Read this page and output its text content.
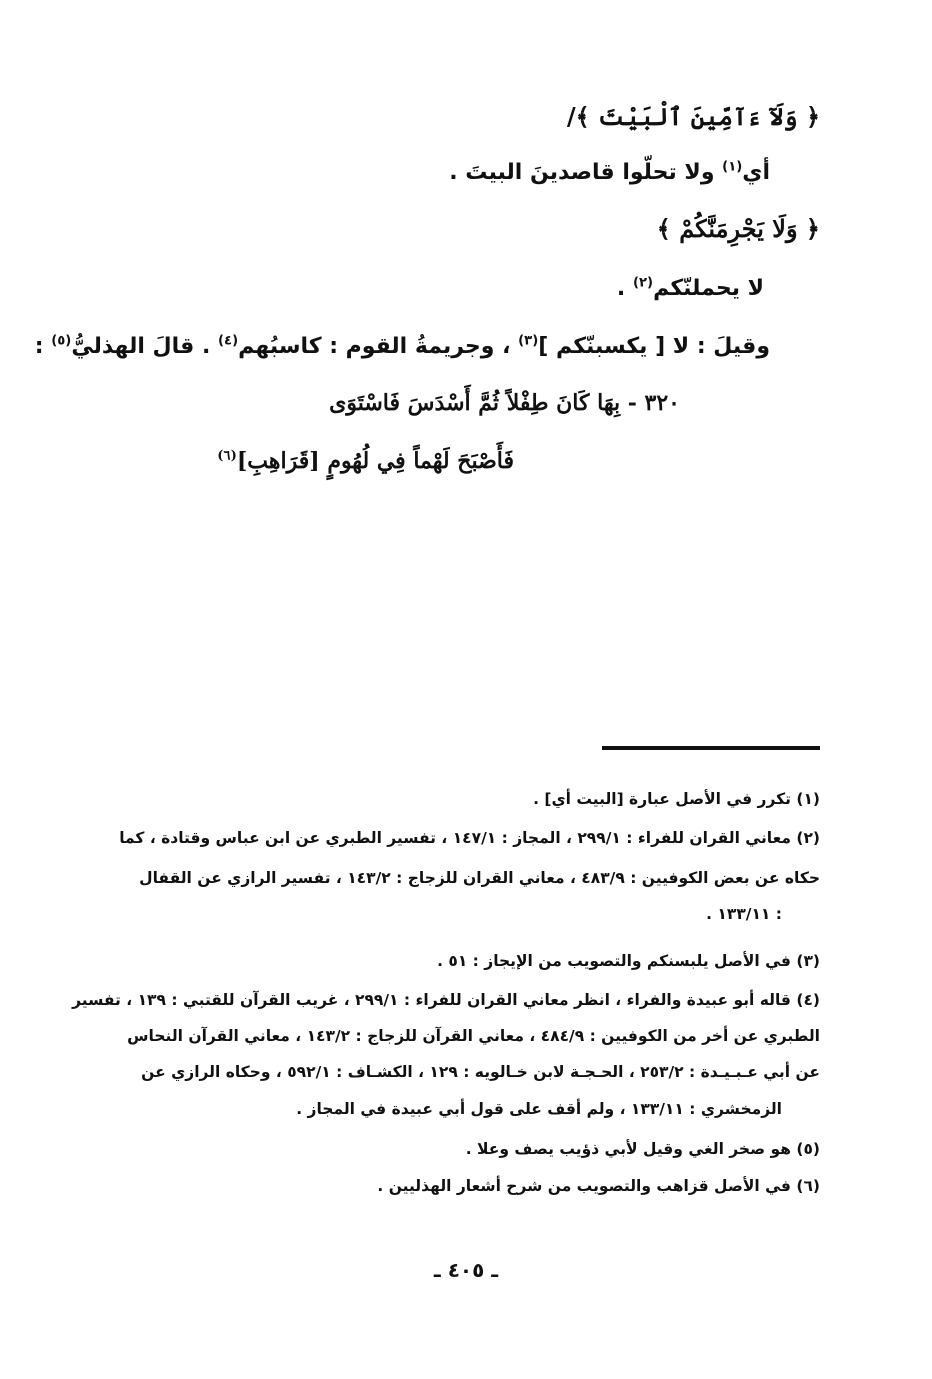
﴿ وَلَآ ءَآمِّينَ ٱلْبَيْتَ ﴾/
أي$^{(١)}$ ولا تحلّوا قاصدينَ البيتَ .
﴿ وَلَا يَجْرِمَنَّكُمْ ﴾
لا يحملنّكم$^{(٢)}$ .
وقيلَ : لا [ يكسبنّكم ]$^{(٣)}$ ، وجريمةُ القوم : كاسبُهم$^{(٤)}$ . قالَ الهذليُّ$^{(٥)}$ :
٣٢٠ - بِهَا كَانَ طِفْلاً ثُمَّ أَسْدَسَ فَاسْتَوَى
فَأَصْبَحَ لَهْماً فِي لُهُومٍ [قَرَاهِبِ]$^{(٦)}$
(١) تكرر في الأصل عبارة [البيت أي] .
(٢) معاني القران للفراء : ٢٩٩/١ ، المجاز : ١٤٧/١ ، تفسير الطبري عن ابن عباس وقتادة ، كما
حكاه عن بعض الكوفيين : ٤٨٣/٩ ، معاني القران للزجاج : ١٤٣/٢ ، تفسير الرازي عن القفال
: ١٣٣/١١ .
(٣) في الأصل يلبسنكم والتصويب من الإيجاز : ٥١ .
(٤) قاله أبو عبيدة والفراء ، انظر معاني القران للفراء : ٢٩٩/١ ، غريب القرآن للقتبي : ١٣٩ ، تفسير
الطبري عن أخر من الكوفيين : ٤٨٤/٩ ، معاني القرآن للزجاج : ١٤٣/٢ ، معاني القرآن النحاس
عن أبي عـبـيـدة : ٢٥٣/٢ ، الحـجـة لابن خـالويه : ١٢٩ ، الكشـاف : ٥٩٢/١ ، وحكاه الرازي عن
الزمخشري : ١٣٣/١١ ، ولم أقف على قول أبي عبيدة في المجاز .
(٥) هو صخر الغي وقيل لأبي ذؤيب يصف وعلا .
(٦) في الأصل قزاهب والتصويب من شرح أشعار الهذليين .
ـ ٤٠٥ ـ
